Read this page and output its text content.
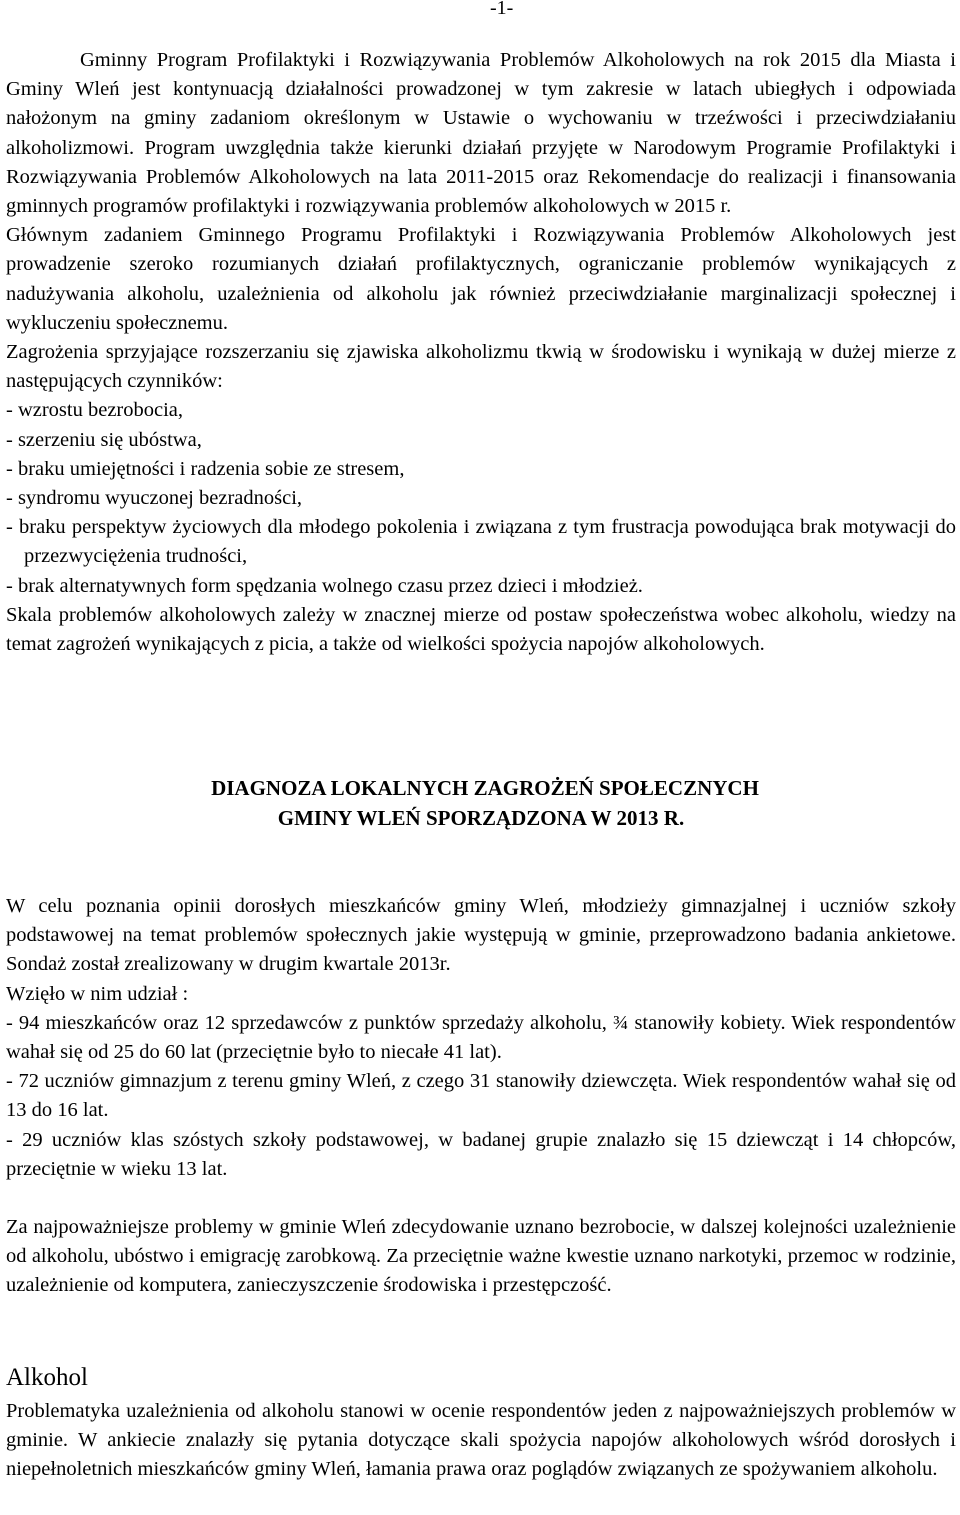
-1-

Gminny Program Profilaktyki i Rozwiązywania Problemów Alkoholowych na rok 2015 dla Miasta i Gminy Wleń jest kontynuacją działalności prowadzonej w tym zakresie w latach ubiegłych i odpowiada nałożonym na gminy zadaniom określonym w Ustawie o wychowaniu w trzeźwości i przeciwdziałaniu alkoholizmowi. Program uwzględnia także kierunki działań przyjęte w Narodowym Programie Profilaktyki i Rozwiązywania Problemów Alkoholowych na lata 2011-2015 oraz Rekomendacje do realizacji i finansowania gminnych programów profilaktyki i rozwiązywania problemów alkoholowych w 2015 r.

Głównym zadaniem Gminnego Programu Profilaktyki i Rozwiązywania Problemów Alkoholowych jest prowadzenie szeroko rozumianych działań profilaktycznych, ograniczanie problemów wynikających z nadużywania alkoholu, uzależnienia od alkoholu jak również przeciwdziałanie marginalizacji społecznej i wykluczeniu społecznemu.

Zagrożenia sprzyjające rozszerzaniu się zjawiska alkoholizmu tkwią w środowisku i wynikają w dużej mierze z następujących czynników:

- wzrostu bezrobocia,

- szerzeniu się ubóstwa,

- braku umiejętności i radzenia sobie ze stresem,

- syndromu wyuczonej bezradności,

- braku perspektyw życiowych dla młodego pokolenia i związana z tym frustracja powodująca brak motywacji do przezwyciężenia trudności,

- brak alternatywnych form spędzania wolnego czasu przez dzieci i młodzież.

Skala problemów alkoholowych zależy w znacznej mierze od postaw społeczeństwa wobec alkoholu, wiedzy na temat zagrożeń wynikających z picia, a także od wielkości spożycia napojów alkoholowych.

DIAGNOZA LOKALNYCH ZAGROŻEŃ SPOŁECZNYCH
GMINY WLEŃ SPORZĄDZONA W 2013 R.

W celu poznania opinii dorosłych mieszkańców gminy Wleń, młodzieży gimnazjalnej i uczniów szkoły podstawowej na temat problemów społecznych jakie występują w gminie, przeprowadzono badania ankietowe. Sondaż został zrealizowany w drugim kwartale 2013r.

Wzięło w nim udział :

- 94 mieszkańców oraz 12 sprzedawców z punktów sprzedaży alkoholu, ¾ stanowiły kobiety. Wiek respondentów wahał się od 25 do 60 lat (przeciętnie było to niecałe 41 lat).

- 72 uczniów gimnazjum z terenu gminy Wleń, z czego 31 stanowiły dziewczęta. Wiek respondentów wahał się od 13 do 16 lat.

- 29 uczniów klas szóstych szkoły podstawowej, w badanej grupie znalazło się 15 dziewcząt i 14 chłopców, przeciętnie w wieku 13 lat.

Za najpoważniejsze problemy w gminie Wleń zdecydowanie uznano bezrobocie, w dalszej kolejności uzależnienie od alkoholu, ubóstwo i emigrację zarobkową. Za przeciętnie ważne kwestie uznano narkotyki, przemoc w rodzinie, uzależnienie od komputera, zanieczyszczenie środowiska i przestępczość.

Alkohol

Problematyka uzależnienia od alkoholu stanowi w ocenie respondentów jeden z najpoważniejszych problemów w gminie. W ankiecie znalazły się pytania dotyczące skali spożycia napojów alkoholowych wśród dorosłych i niepełnoletnich mieszkańców gminy Wleń, łamania prawa oraz poglądów związanych ze spożywaniem alkoholu.
